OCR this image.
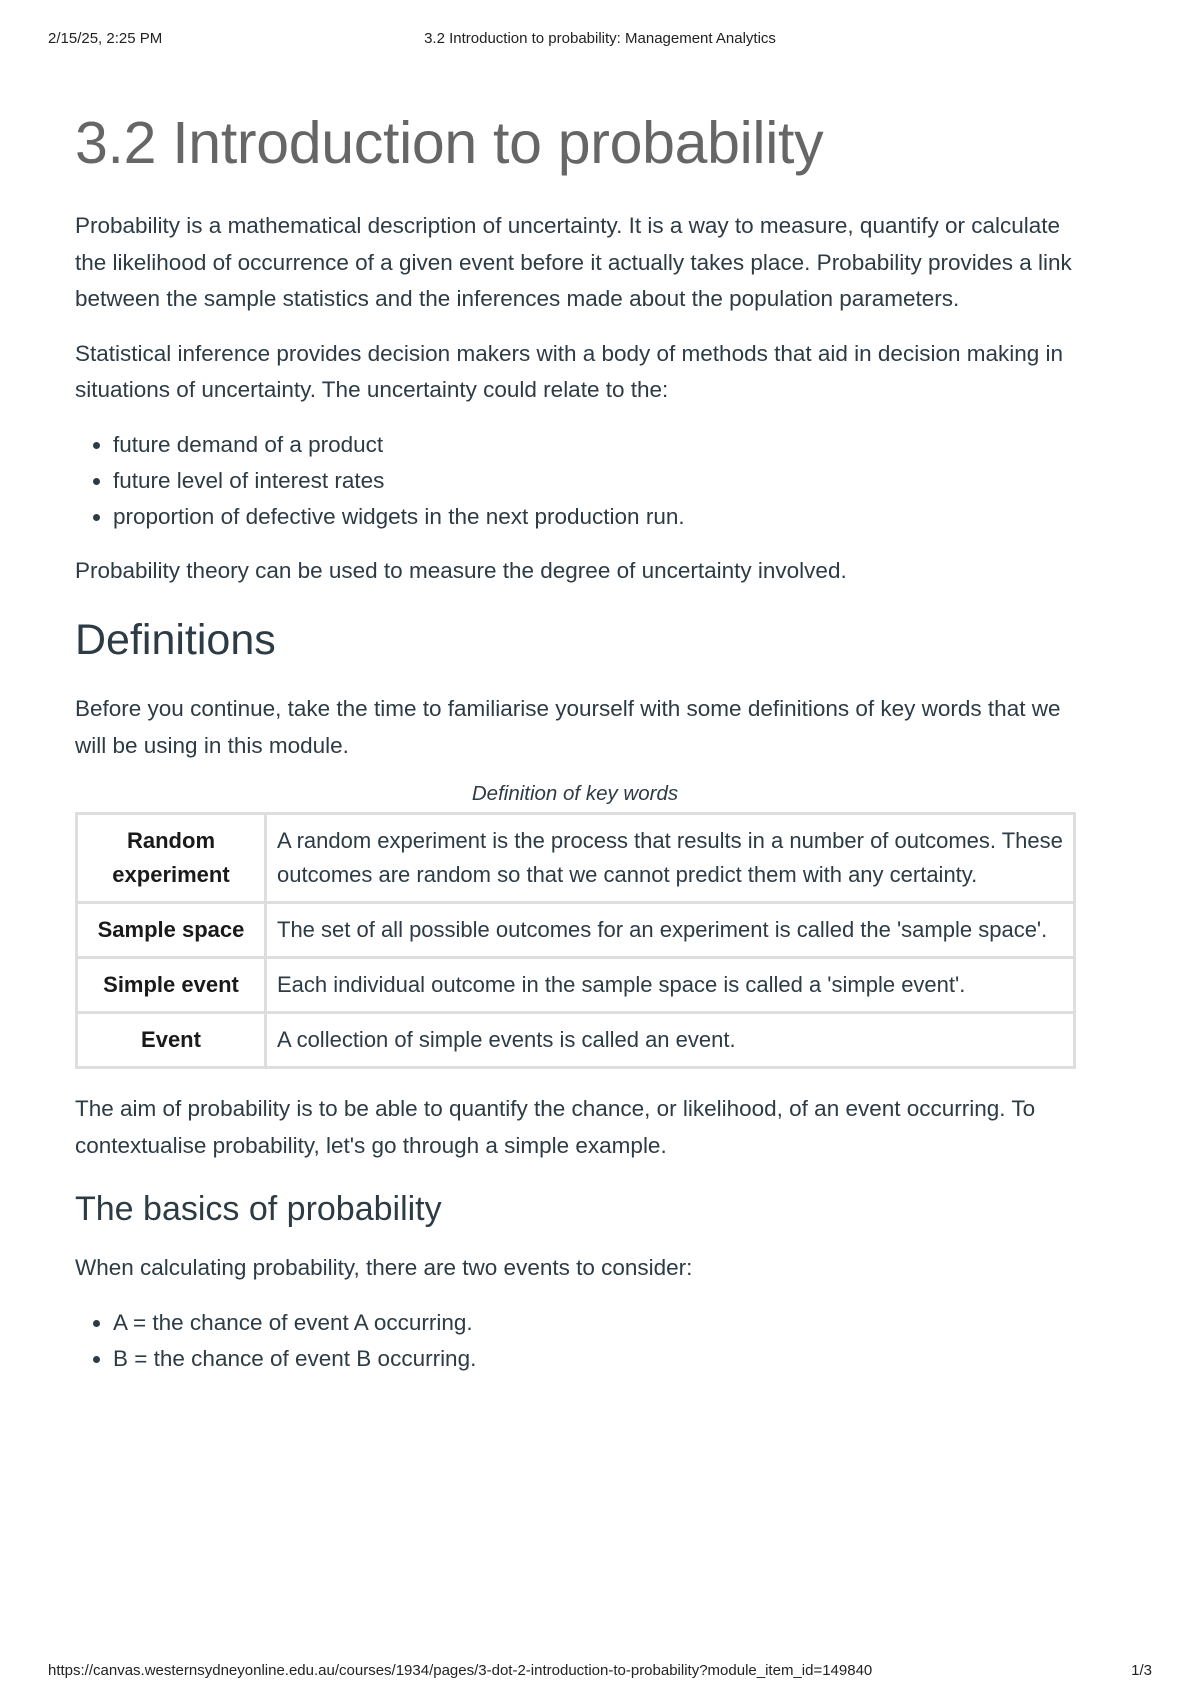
2/15/25, 2:25 PM	3.2 Introduction to probability: Management Analytics
3.2 Introduction to probability

Probability is a mathematical description of uncertainty. It is a way to measure, quantify or calculate the likelihood of occurrence of a given event before it actually takes place. Probability provides a link between the sample statistics and the inferences made about the population parameters.

Statistical inference provides decision makers with a body of methods that aid in decision making in situations of uncertainty. The uncertainty could relate to the:

• future demand of a product
• future level of interest rates
• proportion of defective widgets in the next production run.

Probability theory can be used to measure the degree of uncertainty involved.

Definitions

Before you continue, take the time to familiarise yourself with some definitions of key words that we will be using in this module.

Definition of key words
Random experiment	A random experiment is the process that results in a number of outcomes. These outcomes are random so that we cannot predict them with any certainty.
Sample space	The set of all possible outcomes for an experiment is called the 'sample space'.
Simple event	Each individual outcome in the sample space is called a 'simple event'.
Event	A collection of simple events is called an event.

The aim of probability is to be able to quantify the chance, or likelihood, of an event occurring. To contextualise probability, let's go through a simple example.

The basics of probability

When calculating probability, there are two events to consider:

• A = the chance of event A occurring.
• B = the chance of event B occurring.
https://canvas.westernsydneyonline.edu.au/courses/1934/pages/3-dot-2-introduction-to-probability?module_item_id=149840	1/3
